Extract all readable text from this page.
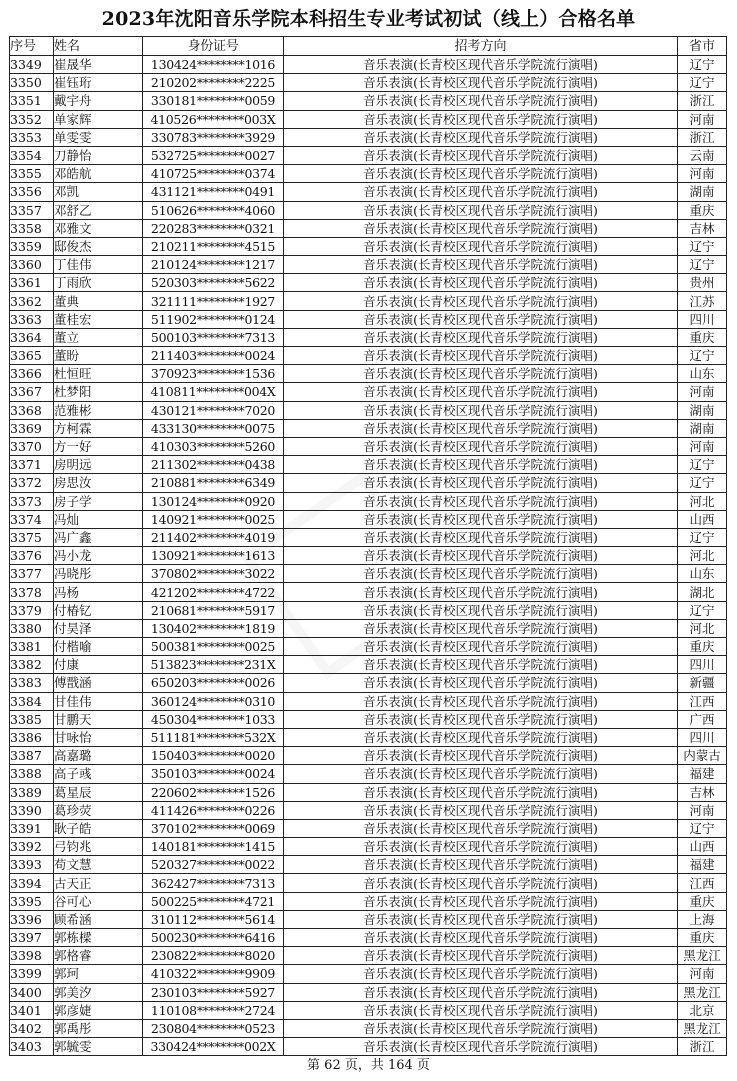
2023年沈阳音乐学院本科招生专业考试初试（线上）合格名单
序号	姓名	身份证号	招考方向	省市
3349	崔晟华	130424********1016	音乐表演(长青校区现代音乐学院流行演唱)	辽宁
3350	崔钰珩	210202********2225	音乐表演(长青校区现代音乐学院流行演唱)	辽宁
3351	戴宇舟	330181********0059	音乐表演(长青校区现代音乐学院流行演唱)	浙江
3352	单家辉	410526********003X	音乐表演(长青校区现代音乐学院流行演唱)	河南
3353	单雯雯	330783********3929	音乐表演(长青校区现代音乐学院流行演唱)	浙江
3354	刀静怡	532725********0027	音乐表演(长青校区现代音乐学院流行演唱)	云南
3355	邓皓航	410725********0374	音乐表演(长青校区现代音乐学院流行演唱)	河南
3356	邓凯	431121********0491	音乐表演(长青校区现代音乐学院流行演唱)	湖南
3357	邓舒乙	510626********4060	音乐表演(长青校区现代音乐学院流行演唱)	重庆
3358	邓雅文	220283********0321	音乐表演(长青校区现代音乐学院流行演唱)	吉林
3359	邸俊杰	210211********4515	音乐表演(长青校区现代音乐学院流行演唱)	辽宁
3360	丁佳伟	210124********1217	音乐表演(长青校区现代音乐学院流行演唱)	辽宁
3361	丁雨欣	520303********5622	音乐表演(长青校区现代音乐学院流行演唱)	贵州
3362	董典	321111********1927	音乐表演(长青校区现代音乐学院流行演唱)	江苏
3363	董桂宏	511902********0124	音乐表演(长青校区现代音乐学院流行演唱)	四川
3364	董立	500103********7313	音乐表演(长青校区现代音乐学院流行演唱)	重庆
3365	董盼	211403********0024	音乐表演(长青校区现代音乐学院流行演唱)	辽宁
3366	杜恒旺	370923********1536	音乐表演(长青校区现代音乐学院流行演唱)	山东
3367	杜梦阳	410811********004X	音乐表演(长青校区现代音乐学院流行演唱)	河南
3368	范雅彬	430121********7020	音乐表演(长青校区现代音乐学院流行演唱)	湖南
3369	方柯霖	433130********0075	音乐表演(长青校区现代音乐学院流行演唱)	湖南
3370	方一好	410303********5260	音乐表演(长青校区现代音乐学院流行演唱)	河南
3371	房明远	211302********0438	音乐表演(长青校区现代音乐学院流行演唱)	辽宁
3372	房思汝	210881********6349	音乐表演(长青校区现代音乐学院流行演唱)	辽宁
3373	房子学	130124********0920	音乐表演(长青校区现代音乐学院流行演唱)	河北
3374	冯灿	140921********0025	音乐表演(长青校区现代音乐学院流行演唱)	山西
3375	冯广鑫	211402********4019	音乐表演(长青校区现代音乐学院流行演唱)	辽宁
3376	冯小龙	130921********1613	音乐表演(长青校区现代音乐学院流行演唱)	河北
3377	冯晓彤	370802********3022	音乐表演(长青校区现代音乐学院流行演唱)	山东
3378	冯杨	421202********4722	音乐表演(长青校区现代音乐学院流行演唱)	湖北
3379	付椿钇	210681********5917	音乐表演(长青校区现代音乐学院流行演唱)	辽宁
3380	付昊泽	130402********1819	音乐表演(长青校区现代音乐学院流行演唱)	河北
3381	付楷喻	500381********0025	音乐表演(长青校区现代音乐学院流行演唱)	重庆
3382	付康	513823********231X	音乐表演(长青校区现代音乐学院流行演唱)	四川
3383	傅戬涵	650203********0026	音乐表演(长青校区现代音乐学院流行演唱)	新疆
3384	甘佳伟	360124********0310	音乐表演(长青校区现代音乐学院流行演唱)	江西
3385	甘鹏天	450304********1033	音乐表演(长青校区现代音乐学院流行演唱)	广西
3386	甘咏怡	511181********532X	音乐表演(长青校区现代音乐学院流行演唱)	四川
3387	高嘉璐	150403********0020	音乐表演(长青校区现代音乐学院流行演唱)	内蒙古
3388	高子彧	350103********0024	音乐表演(长青校区现代音乐学院流行演唱)	福建
3389	葛星辰	220602********1526	音乐表演(长青校区现代音乐学院流行演唱)	吉林
3390	葛珍荧	411426********0226	音乐表演(长青校区现代音乐学院流行演唱)	河南
3391	耿子皓	370102********0069	音乐表演(长青校区现代音乐学院流行演唱)	辽宁
3392	弓钧兆	140181********1415	音乐表演(长青校区现代音乐学院流行演唱)	山西
3393	苟文慧	520327********0022	音乐表演(长青校区现代音乐学院流行演唱)	福建
3394	古天正	362427********7313	音乐表演(长青校区现代音乐学院流行演唱)	江西
3395	谷可心	500225********4721	音乐表演(长青校区现代音乐学院流行演唱)	重庆
3396	顾希涵	310112********5614	音乐表演(长青校区现代音乐学院流行演唱)	上海
3397	郭栋樑	500230********6416	音乐表演(长青校区现代音乐学院流行演唱)	重庆
3398	郭格睿	230822********8020	音乐表演(长青校区现代音乐学院流行演唱)	黑龙江
3399	郭珂	410322********9909	音乐表演(长青校区现代音乐学院流行演唱)	河南
3400	郭美汐	230103********5927	音乐表演(长青校区现代音乐学院流行演唱)	黑龙江
3401	郭彦婕	110108********2724	音乐表演(长青校区现代音乐学院流行演唱)	北京
3402	郭禹彤	230804********0523	音乐表演(长青校区现代音乐学院流行演唱)	黑龙江
3403	郭毓雯	330424********002X	音乐表演(长青校区现代音乐学院流行演唱)	浙江
第 62 页，共 164 页
